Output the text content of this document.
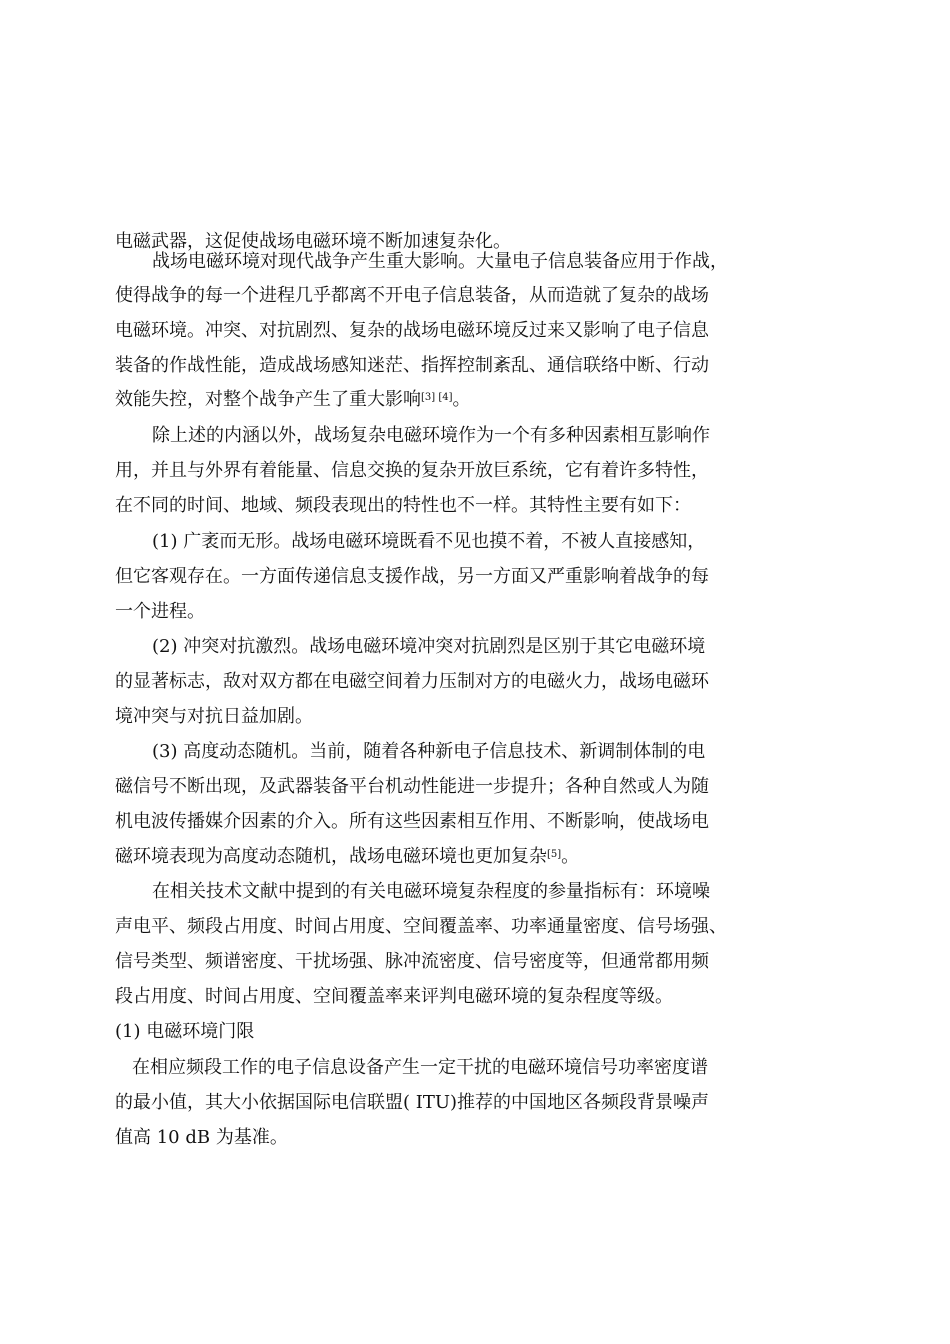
电磁武器，这促使战场电磁环境不断加速复杂化。
战场电磁环境对现代战争产生重大影响。大量电子信息装备应用于作战，
使得战争的每一个进程几乎都离不开电子信息装备，从而造就了复杂的战场
电磁环境。冲突、对抗剧烈、复杂的战场电磁环境反过来又影响了电子信息
装备的作战性能，造成战场感知迷茫、指挥控制紊乱、通信联络中断、行动
效能失控，对整个战争产生了重大影响[3] [4]。
除上述的内涵以外，战场复杂电磁环境作为一个有多种因素相互影响作
用，并且与外界有着能量、信息交换的复杂开放巨系统，它有着许多特性，
在不同的时间、地域、频段表现出的特性也不一样。其特性主要有如下：
(1) 广袤而无形。战场电磁环境既看不见也摸不着，不被人直接感知，
但它客观存在。一方面传递信息支援作战，另一方面又严重影响着战争的每
一个进程。
(2) 冲突对抗激烈。战场电磁环境冲突对抗剧烈是区别于其它电磁环境
的显著标志，敌对双方都在电磁空间着力压制对方的电磁火力，战场电磁环
境冲突与对抗日益加剧。
(3) 高度动态随机。当前，随着各种新电子信息技术、新调制体制的电
磁信号不断出现，及武器装备平台机动性能进一步提升；各种自然或人为随
机电波传播媒介因素的介入。所有这些因素相互作用、不断影响，使战场电
磁环境表现为高度动态随机，战场电磁环境也更加复杂[5]。
在相关技术文献中提到的有关电磁环境复杂程度的参量指标有：环境噪
声电平、频段占用度、时间占用度、空间覆盖率、功率通量密度、信号场强、
信号类型、频谱密度、干扰场强、脉冲流密度、信号密度等，但通常都用频
段占用度、时间占用度、空间覆盖率来评判电磁环境的复杂程度等级。
(1) 电磁环境门限
在相应频段工作的电子信息设备产生一定干扰的电磁环境信号功率密度谱
的最小值，其大小依据国际电信联盟( ITU)推荐的中国地区各频段背景噪声
值高 10 dB 为基准。
